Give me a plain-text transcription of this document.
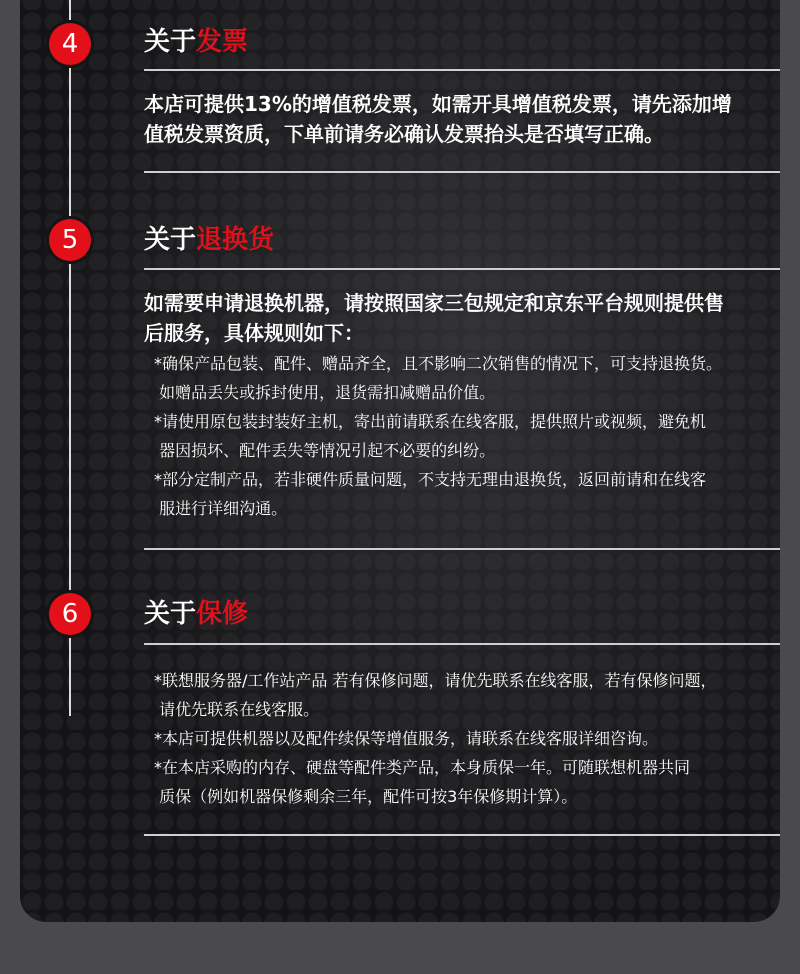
4	关于发票

本店可提供13%的增值税发票，如需开具增值税发票，请先添加增

值税发票资质，下单前请务必确认发票抬头是否填写正确。

5	关于退换货

如需要申请退换机器，请按照国家三包规定和京东平台规则提供售

后服务，具体规则如下：

*确保产品包装、配件、赠品齐全，且不影响二次销售的情况下，可支持退换货。

如赠品丢失或拆封使用，退货需扣减赠品价值。

*请使用原包装封装好主机，寄出前请联系在线客服，提供照片或视频，避免机

器因损坏、配件丢失等情况引起不必要的纠纷。

*部分定制产品，若非硬件质量问题，不支持无理由退换货，返回前请和在线客

服进行详细沟通。

6	关于保修

*联想服务器/工作站产品 若有保修问题，请优先联系在线客服，若有保修问题，

请优先联系在线客服。

*本店可提供机器以及配件续保等增值服务，请联系在线客服详细咨询。

*在本店采购的内存、硬盘等配件类产品，本身质保一年。可随联想机器共同

质保（例如机器保修剩余三年，配件可按3年保修期计算）。
